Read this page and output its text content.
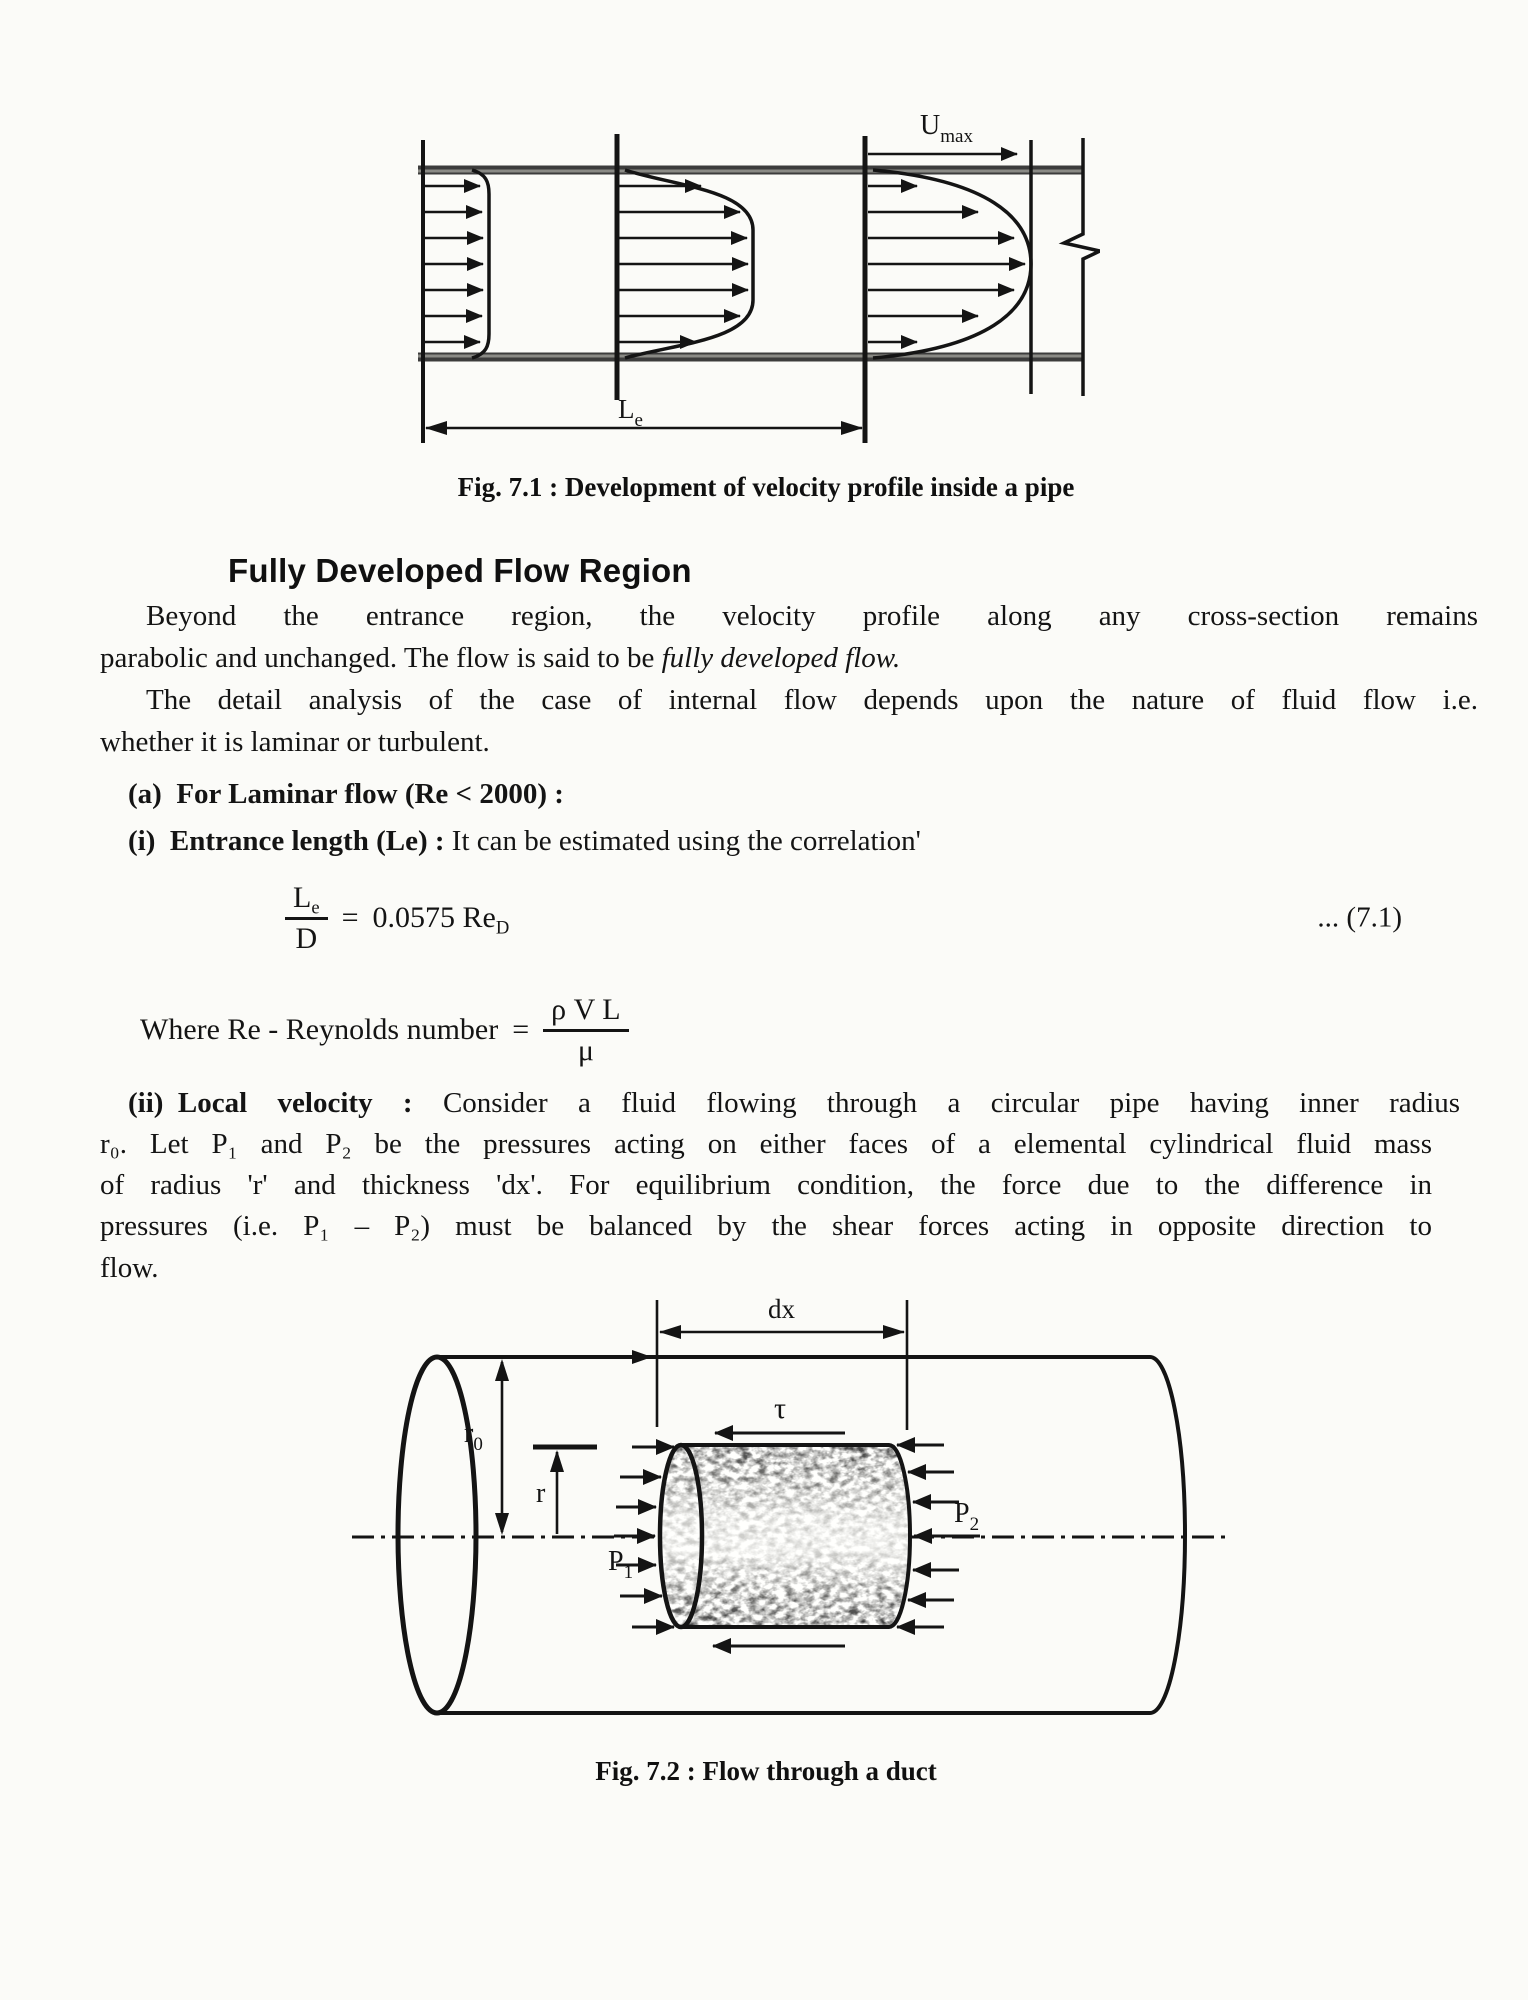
$U_{max}$
$L_e$
Fig. 7.1 : Development of velocity profile inside a pipe
Fully Developed Flow Region
Beyond the entrance region, the velocity profile along any cross-section remains
parabolic and unchanged. The flow is said to be fully developed flow.
The detail analysis of the case of internal flow depends upon the nature of fluid flow i.e.
whether it is laminar or turbulent.
(a) For Laminar flow (Re < 2000) :
(i) Entrance length (Le) : It can be estimated using the correlation'
$\frac{L_e}{D} = 0.0575$ $Re_D$	... (7.1)
Where Re - Reynolds number = $\frac{\text{ρ V L}}{\mu}$
(ii) Local velocity : Consider a fluid flowing through a circular pipe having inner radius
r₀. Let P₁ and P₂ be the pressures acting on either faces of a elemental cylindrical fluid mass
of radius 'r' and thickness 'dx'. For equilibrium condition, the force due to the difference in
pressures (i.e. P₁ – P₂) must be balanced by the shear forces acting in opposite direction to
flow.
dx
$r_0$
r
τ
$P_1$
$P_2$
Fig. 7.2 : Flow through a duct
